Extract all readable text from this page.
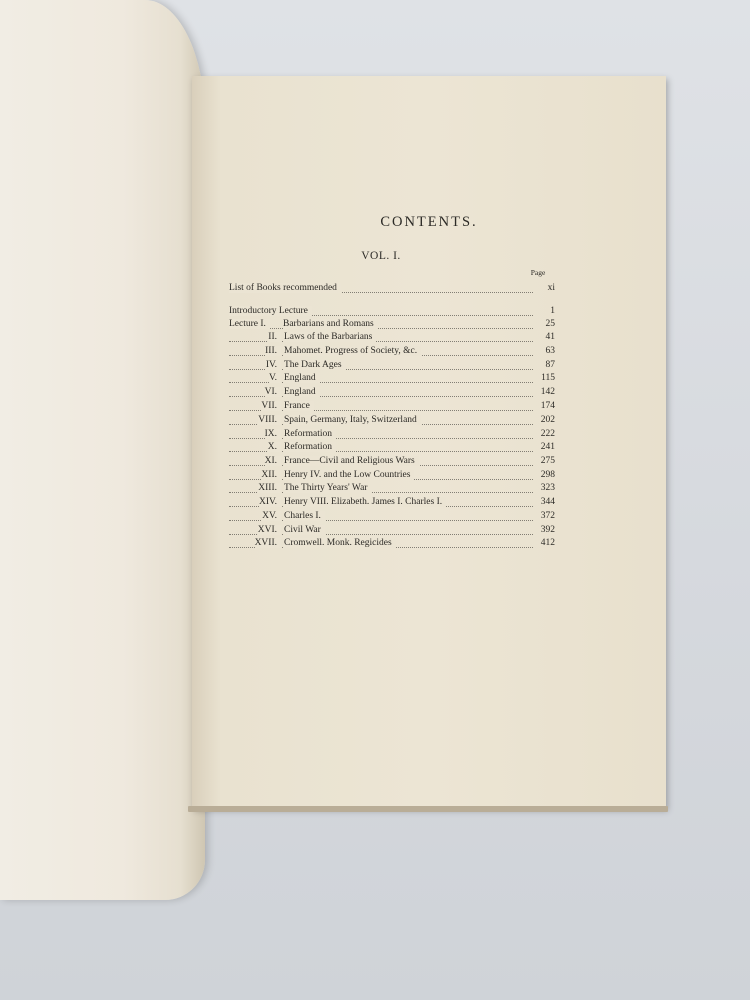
CONTENTS.
VOL. I.
Page
List of Books recommended	xi
Introductory Lecture	1
Lecture I.	Barbarians and Romans	25
II. Laws of the Barbarians	41
III. Mahomet. Progress of Society, &c.	63
IV. The Dark Ages	87
V. England	115
VI. England	142
VII. France	174
VIII. Spain, Germany, Italy, Switzerland	202
IX. Reformation	222
X. Reformation	241
XI. France—Civil and Religious Wars	275
XII. Henry IV. and the Low Countries	298
XIII. The Thirty Years' War	323
XIV. Henry VIII. Elizabeth. James I. Charles I.	344
XV. Charles I.	372
XVI. Civil War	392
XVII. Cromwell. Monk. Regicides	412
